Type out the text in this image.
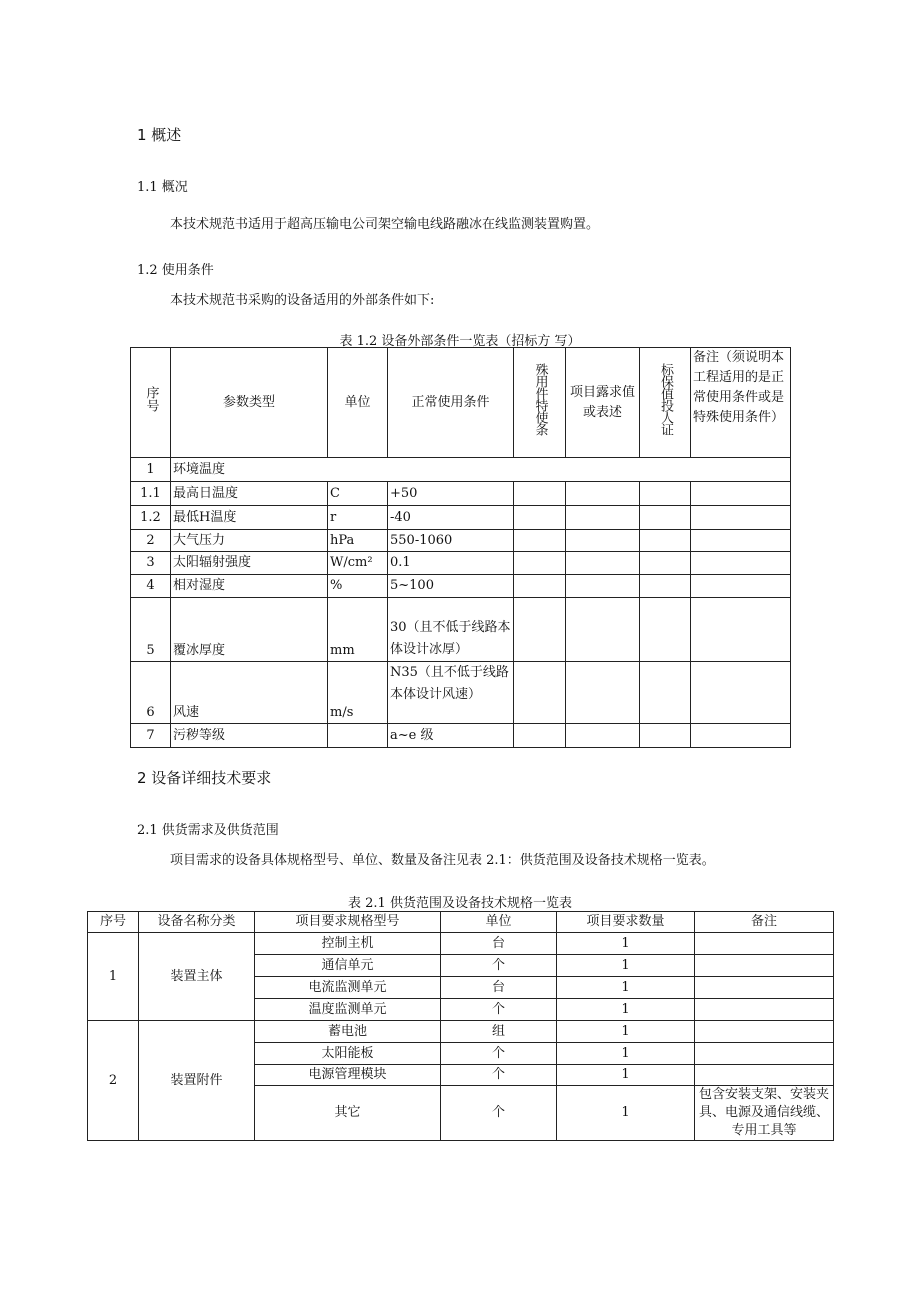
1 概述
1.1 概况
本技术规范书适用于超高压输电公司架空输电线路融冰在线监测装置购置。
1.2 使用条件
本技术规范书采购的设备适用的外部条件如下:
表 1.2 设备外部条件一览表（招标方 写）
序号	参数类型	单位	正常使用条件	殊用件特使条	项目露求值或表述	标保值投人证	备注（须说明本工程适用的是正常使用条件或是特殊使用条件）
1	环境温度						
1.1	最高日温度	C	+50				
1.2	最低H温度	r	-40				
2	大气压力	hPa	550-1060				
3	太阳辐射强度	W/cm²	0.1				
4	相对湿度	%	5~100				
5	覆冰厚度	mm	30（且不低于线路本体设计冰厚）				
6	风速	m/s	N35（且不低于线路本体设计风速）				
7	污秽等级		a~e 级				
2 设备详细技术要求
2.1 供货需求及供货范围
项目需求的设备具体规格型号、单位、数量及备注见表 2.1：供货范围及设备技术规格一览表。
表 2.1 供货范围及设备技术规格一览表
序号	设备名称分类	项目要求规格型号	单位	项目要求数量	备注
1	装置主体	控制主机	台	1	
		通信单元	个	1	
		电流监测单元	台	1	
		温度监测单元	个	1	
2	装置附件	蓄电池	组	1	
		太阳能板	个	1	
		电源管理模块	个	1	
		其它	个	1	包含安装支架、安装夹具、电源及通信线缆、专用工具等
